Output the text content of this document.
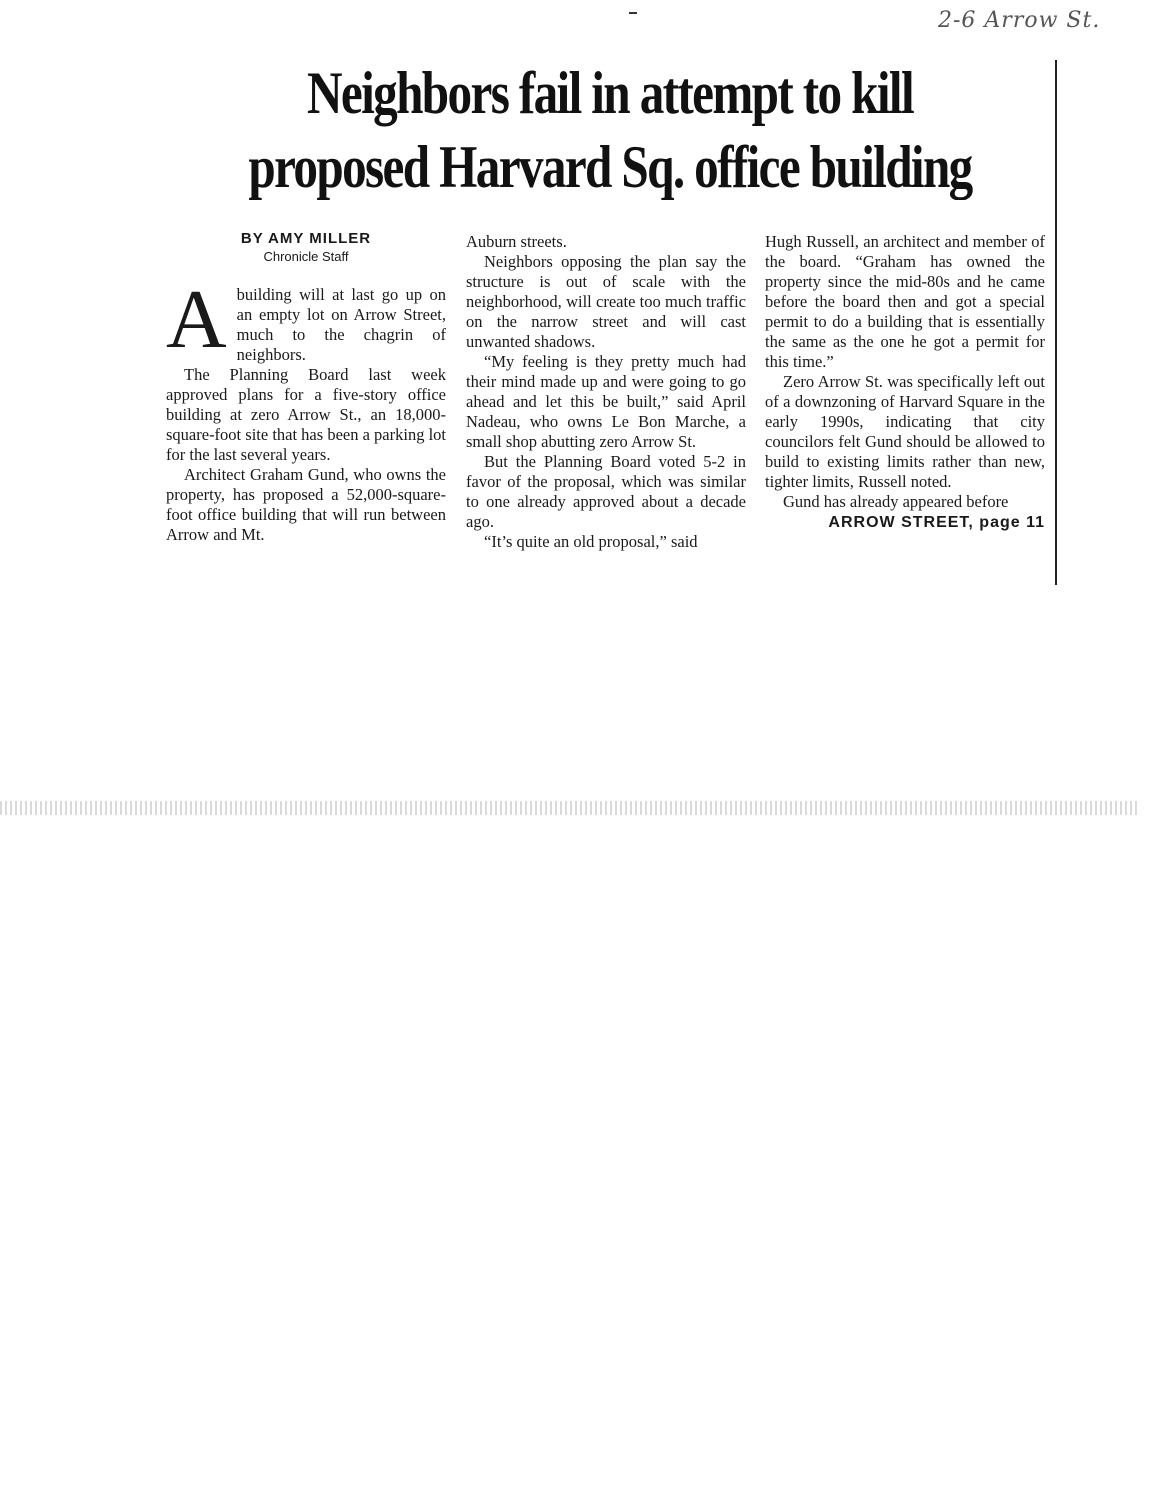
2-6 Arrow St.
Neighbors fail in attempt to kill
proposed Harvard Sq. office building
BY AMY MILLER
Chronicle Staff

Abuilding will at last go up on an empty lot on Arrow Street, much to the chagrin of neighbors.

The Planning Board last week approved plans for a five-story office building at zero Arrow St., an 18,000-square-foot site that has been a parking lot for the last several years.

Architect Graham Gund, who owns the property, has proposed a 52,000-square-foot office building that will run between Arrow and Mt.

Auburn streets.

Neighbors opposing the plan say the structure is out of scale with the neighborhood, will create too much traffic on the narrow street and will cast unwanted shadows.

“My feeling is they pretty much had their mind made up and were going to go ahead and let this be built,” said April Nadeau, who owns Le Bon Marche, a small shop abutting zero Arrow St.

But the Planning Board voted 5-2 in favor of the proposal, which was similar to one already approved about a decade ago.

“It’s quite an old proposal,” said

Hugh Russell, an architect and member of the board. “Graham has owned the property since the mid-80s and he came before the board then and got a special permit to do a building that is essentially the same as the one he got a permit for this time.”

Zero Arrow St. was specifically left out of a downzoning of Harvard Square in the early 1990s, indicating that city councilors felt Gund should be allowed to build to existing limits rather than new, tighter limits, Russell noted.

Gund has already appeared before

ARROW STREET, page 11
